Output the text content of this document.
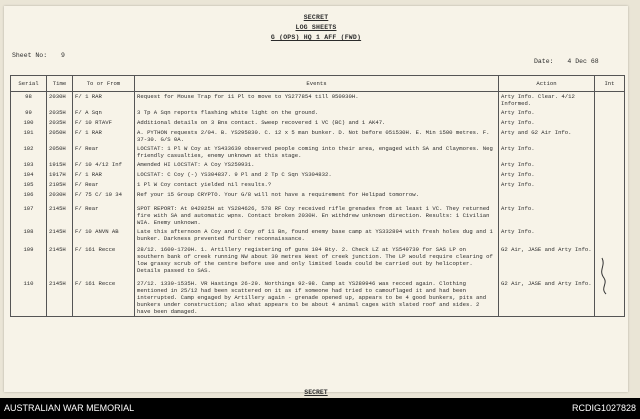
SECRET
LOG SHEETS
G (OPS) HQ 1 AFF (FWD)
Sheet No: 9
Date: 4 Dec 68
Serial	Time	To or From	Events	Action	Int
98	2030H	F/ 1 RAR	Request for Mouse Trap for 11 Pl to move to YS277854 till 050930H.	Arty Info. Clear. 4/12 Informed.	
99	2035H	F/ A Sqn	3 Tp A Sqn reports flashing white light on the ground.	Arty Info.	
100	2035H	F/ 10 RTAVF	Additional details on 3 Bns contact. Sweep recovered 1 VC (BC) and 1 AK47.	Arty Info.	
101	2050H	F/ 1 RAR	A. PYTHON requests 2/04. B. YS295830. C. 12 x 5 man bunker. D. Not before 051530H. E. Min 1500 metres. F. 37-30. G/S 0A.	Arty and G2 Air Info.	
102	2050H	F/ Rear	LOCSTAT: 1 Pl W Coy at YS433639 observed people coming into their area, engaged with SA and Claymores. Neg friendly casualties, enemy unknown at this stage.	Arty Info.	
103	1915H	F/ 10 4/12 Inf	Amended HI LOCSTAT: A Coy YS259931.	Arty Info.	
104	1917H	F/ 1 RAR	LOCSTAT: C Coy (-) YS304837. 9 Pl and 2 Tp C Sqn YS304832.	Arty Info.	
105	2105H	F/ Rear	1 Pl W Coy contact yielded nil results.?	Arty Info.	
106	2030H	F/ 75 C/ 10 34	Ref your 15 Group CRYPTO. Your G/8 will not have a requirement for Helipad tomorrow.		
107	2145H	F/ Rear	SPOT REPORT: At 042025H at YS284626, 578 RF Coy received rifle grenades from at least 1 VC. They returned fire with SA and automatic wpns. Contact broken 2030H. En withdrew unknown direction. Results: 1 Civilian WIA. Enemy unknown.	Arty Info.	
108	2145H	F/ 10 ANVN AB	Late this afternoon A Coy and C Coy of 11 Bn, found enemy base camp at YS332894 with fresh holes dug and 1 bunker. Darkness prevented further reconnaissance.	Arty Info.	
109	2145H	F/ 161 Recce	28/12. 1600-1720H. 1. Artillery registering of guns 104 Bty. 2. Check LZ at YS549739 for SAS LP on southern bank of creek running NW about 30 metres West of creek junction. The LP would require clearing of low grassy scrub of the centre before use and only limited loads could be carried out by helicopter. Details passed to SAS.	G2 Air, JASE and Arty Info.	
110	2145H	F/ 161 Recce	27/12. 1330-1535H. VR Hastings 26-29. Northings 92-98. Camp at YS289946 was recced again. Clothing mentioned in 25/12 had been scattered on it as if someone had tried to camouflaged it and had been interrupted. Camp engaged by Artillery again - grenade opened up, appears to be 4 good bunkers, pits and bunkers under construction; also what appears to be about 4 animal cages with slated roof and sides. 2 have been damaged.	G2 Air, JASE and Arty Info.	
SECRET
AUSTRALIAN WAR MEMORIAL	RCDIG1027828
